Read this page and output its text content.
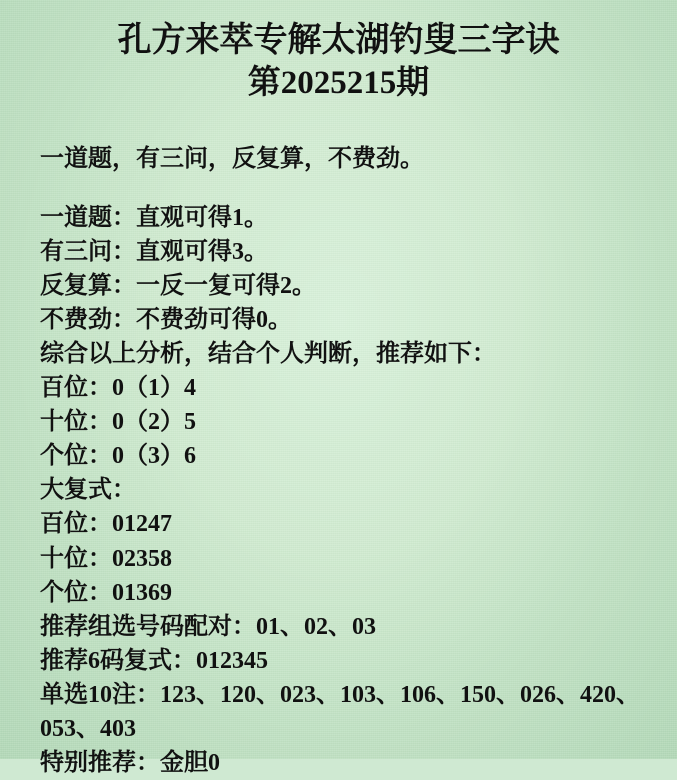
孔方来萃专解太湖钓叟三字诀
第2025215期
一道题，有三问，反复算，不费劲。
一道题：直观可得1。
有三问：直观可得3。
反复算：一反一复可得2。
不费劲：不费劲可得0。
综合以上分析，结合个人判断，推荐如下：
百位：0（1）4
十位：0（2）5
个位：0（3）6
大复式：
百位：01247
十位：02358
个位：01369
推荐组选号码配对：01、02、03
推荐6码复式：012345
单选10注：123、120、023、103、106、150、026、420、053、403
特别推荐：金胆0
